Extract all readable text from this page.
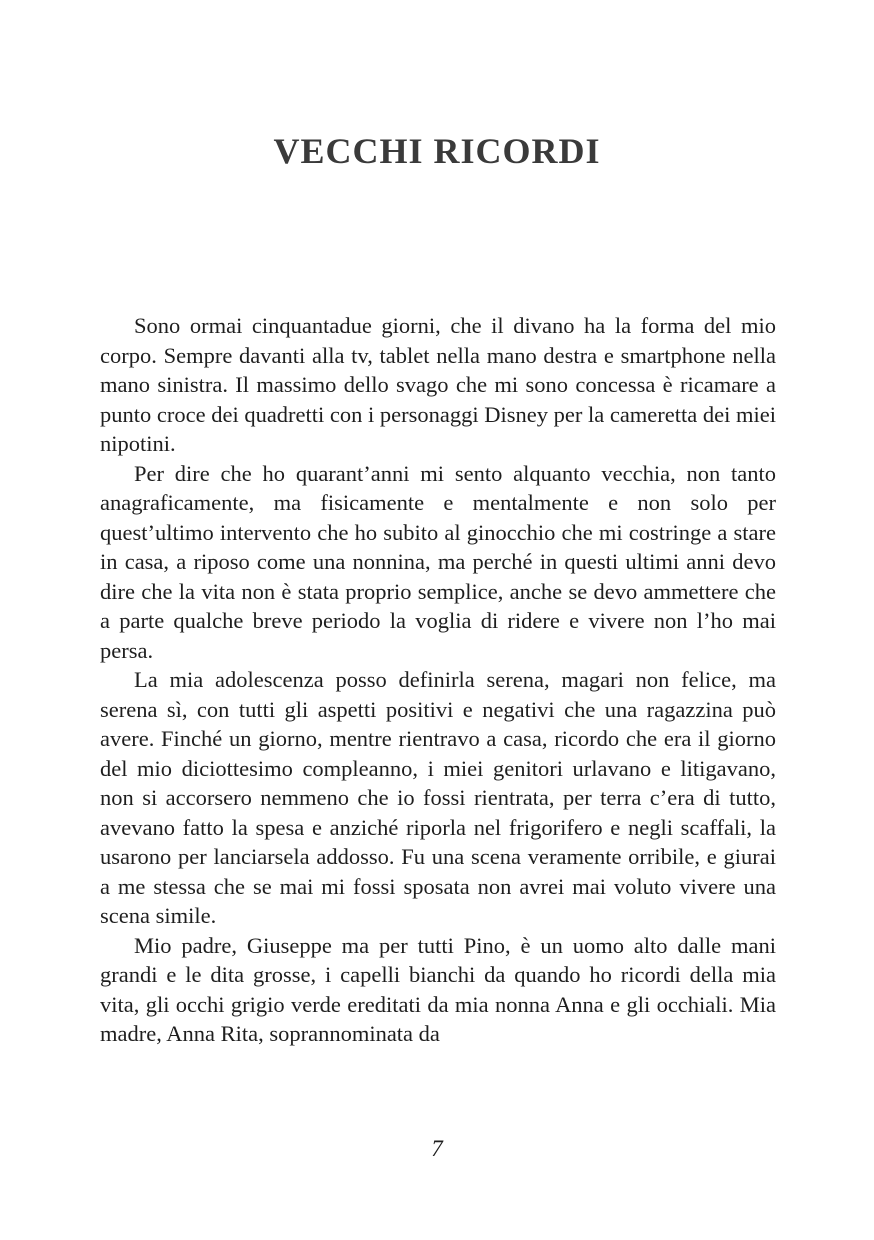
VECCHI RICORDI

Sono ormai cinquantadue giorni, che il divano ha la forma del mio corpo. Sempre davanti alla tv, tablet nella mano destra e smartphone nella mano sinistra. Il massimo dello svago che mi sono concessa è ricamare a punto croce dei quadretti con i personaggi Disney per la cameretta dei miei nipotini.

Per dire che ho quarant’anni mi sento alquanto vecchia, non tanto anagraficamente, ma fisicamente e mentalmente e non solo per quest’ultimo intervento che ho subito al ginocchio che mi costringe a stare in casa, a riposo come una nonnina, ma perché in questi ultimi anni devo dire che la vita non è stata proprio semplice, anche se devo ammettere che a parte qualche breve periodo la voglia di ridere e vivere non l’ho mai persa.

La mia adolescenza posso definirla serena, magari non felice, ma serena sì, con tutti gli aspetti positivi e negativi che una ragazzina può avere. Finché un giorno, mentre rientravo a casa, ricordo che era il giorno del mio diciottesimo compleanno, i miei genitori urlavano e litigavano, non si accorsero nemmeno che io fossi rientrata, per terra c’era di tutto, avevano fatto la spesa e anziché riporla nel frigorifero e negli scaffali, la usarono per lanciarsela addosso. Fu una scena veramente orribile, e giurai a me stessa che se mai mi fossi sposata non avrei mai voluto vivere una scena simile.

Mio padre, Giuseppe ma per tutti Pino, è un uomo alto dalle mani grandi e le dita grosse, i capelli bianchi da quando ho ricordi della mia vita, gli occhi grigio verde ereditati da mia nonna Anna e gli occhiali. Mia madre, Anna Rita, soprannominata da

7
